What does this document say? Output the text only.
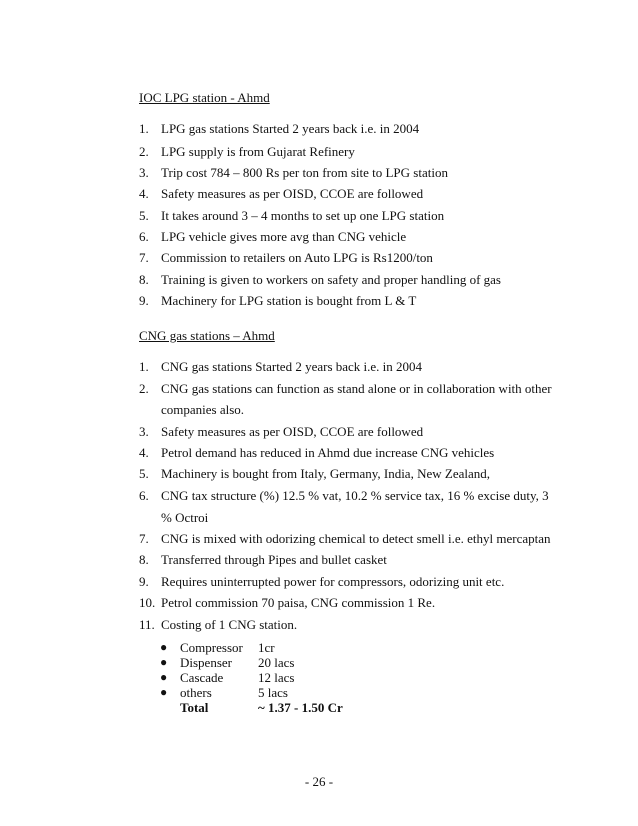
IOC LPG station - Ahmd
1. LPG gas stations Started 2 years back i.e. in 2004
2. LPG supply is from Gujarat Refinery
3. Trip cost 784 – 800 Rs per ton from site to LPG station
4. Safety measures as per OISD, CCOE are followed
5. It takes around 3 – 4 months to set up one LPG station
6. LPG vehicle gives more avg than CNG vehicle
7. Commission to retailers on Auto LPG is Rs1200/ton
8. Training is given to workers on safety and proper handling of gas
9. Machinery for LPG station is bought from L & T
CNG gas stations – Ahmd
1. CNG gas stations Started 2 years back i.e. in 2004
2. CNG gas stations can function as stand alone or in collaboration with other
companies also.
3. Safety measures as per OISD, CCOE are followed
4. Petrol demand has reduced in Ahmd due increase CNG vehicles
5. Machinery is bought from Italy, Germany, India, New Zealand,
6. CNG tax structure (%) 12.5 % vat, 10.2 % service tax, 16 % excise duty, 3
% Octroi
7. CNG is mixed with odorizing chemical to detect smell i.e. ethyl mercaptan
8. Transferred through Pipes and bullet casket
9. Requires uninterrupted power for compressors, odorizing unit etc.
10. Petrol commission 70 paisa, CNG commission 1 Re.
11. Costing of 1 CNG station.
● Compressor 1cr
● Dispenser 20 lacs
● Cascade	12 lacs
● others	5 lacs
Total	~ 1.37 - 1.50 Cr
- 26 -
